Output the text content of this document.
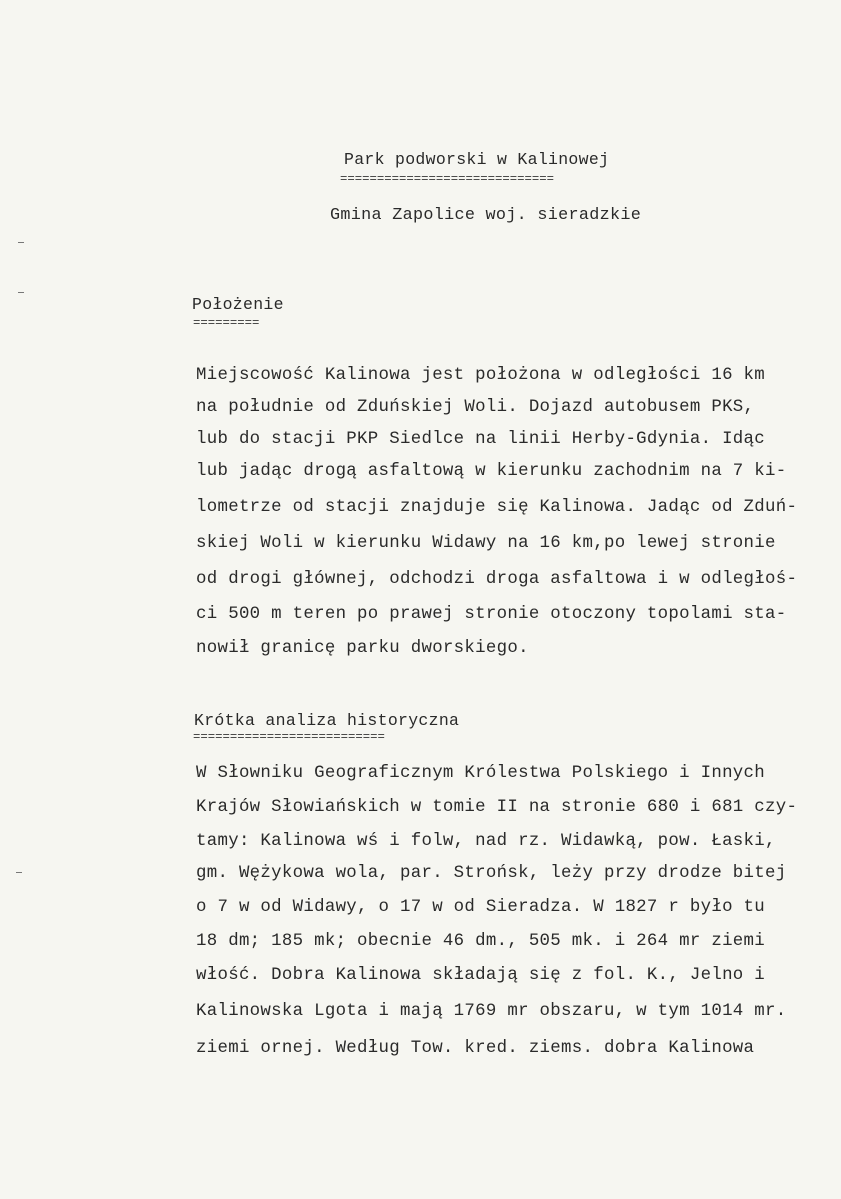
Park podworski w Kalinowej
=============================
Gmina Zapolice woj. sieradzkie
Położenie
=========
Miejscowość Kalinowa jest położona w odległości 16 km
na południe od Zduńskiej Woli. Dojazd autobusem PKS,
lub do stacji PKP Siedlce na linii Herby-Gdynia. Idąc
lub jadąc drogą asfaltową w kierunku zachodnim na 7 ki-
lometrze od stacji znajduje się Kalinowa. Jadąc od Zduń-
skiej Woli w kierunku Widawy na 16 km,po lewej stronie
od drogi głównej, odchodzi droga asfaltowa i w odległoś-
ci 500 m teren po prawej stronie otoczony topolami sta-
nowił granicę parku dworskiego.
Krótka analiza historyczna
==========================
W Słowniku Geograficznym Królestwa Polskiego i Innych
Krajów Słowiańskich w tomie II na stronie 680 i 681 czy-
tamy: Kalinowa wś i folw, nad rz. Widawką, pow. Łaski,
gm. Wężykowa wola, par. Strońsk, leży przy drodze bitej
o 7 w od Widawy, o 17 w od Sieradza. W 1827 r było tu
18 dm; 185 mk; obecnie 46 dm., 505 mk. i 264 mr ziemi
włość. Dobra Kalinowa składają się z fol. K., Jelno i
Kalinowska Lgota i mają 1769 mr obszaru, w tym 1014 mr.
ziemi ornej. Według Tow. kred. ziems. dobra Kalinowa
